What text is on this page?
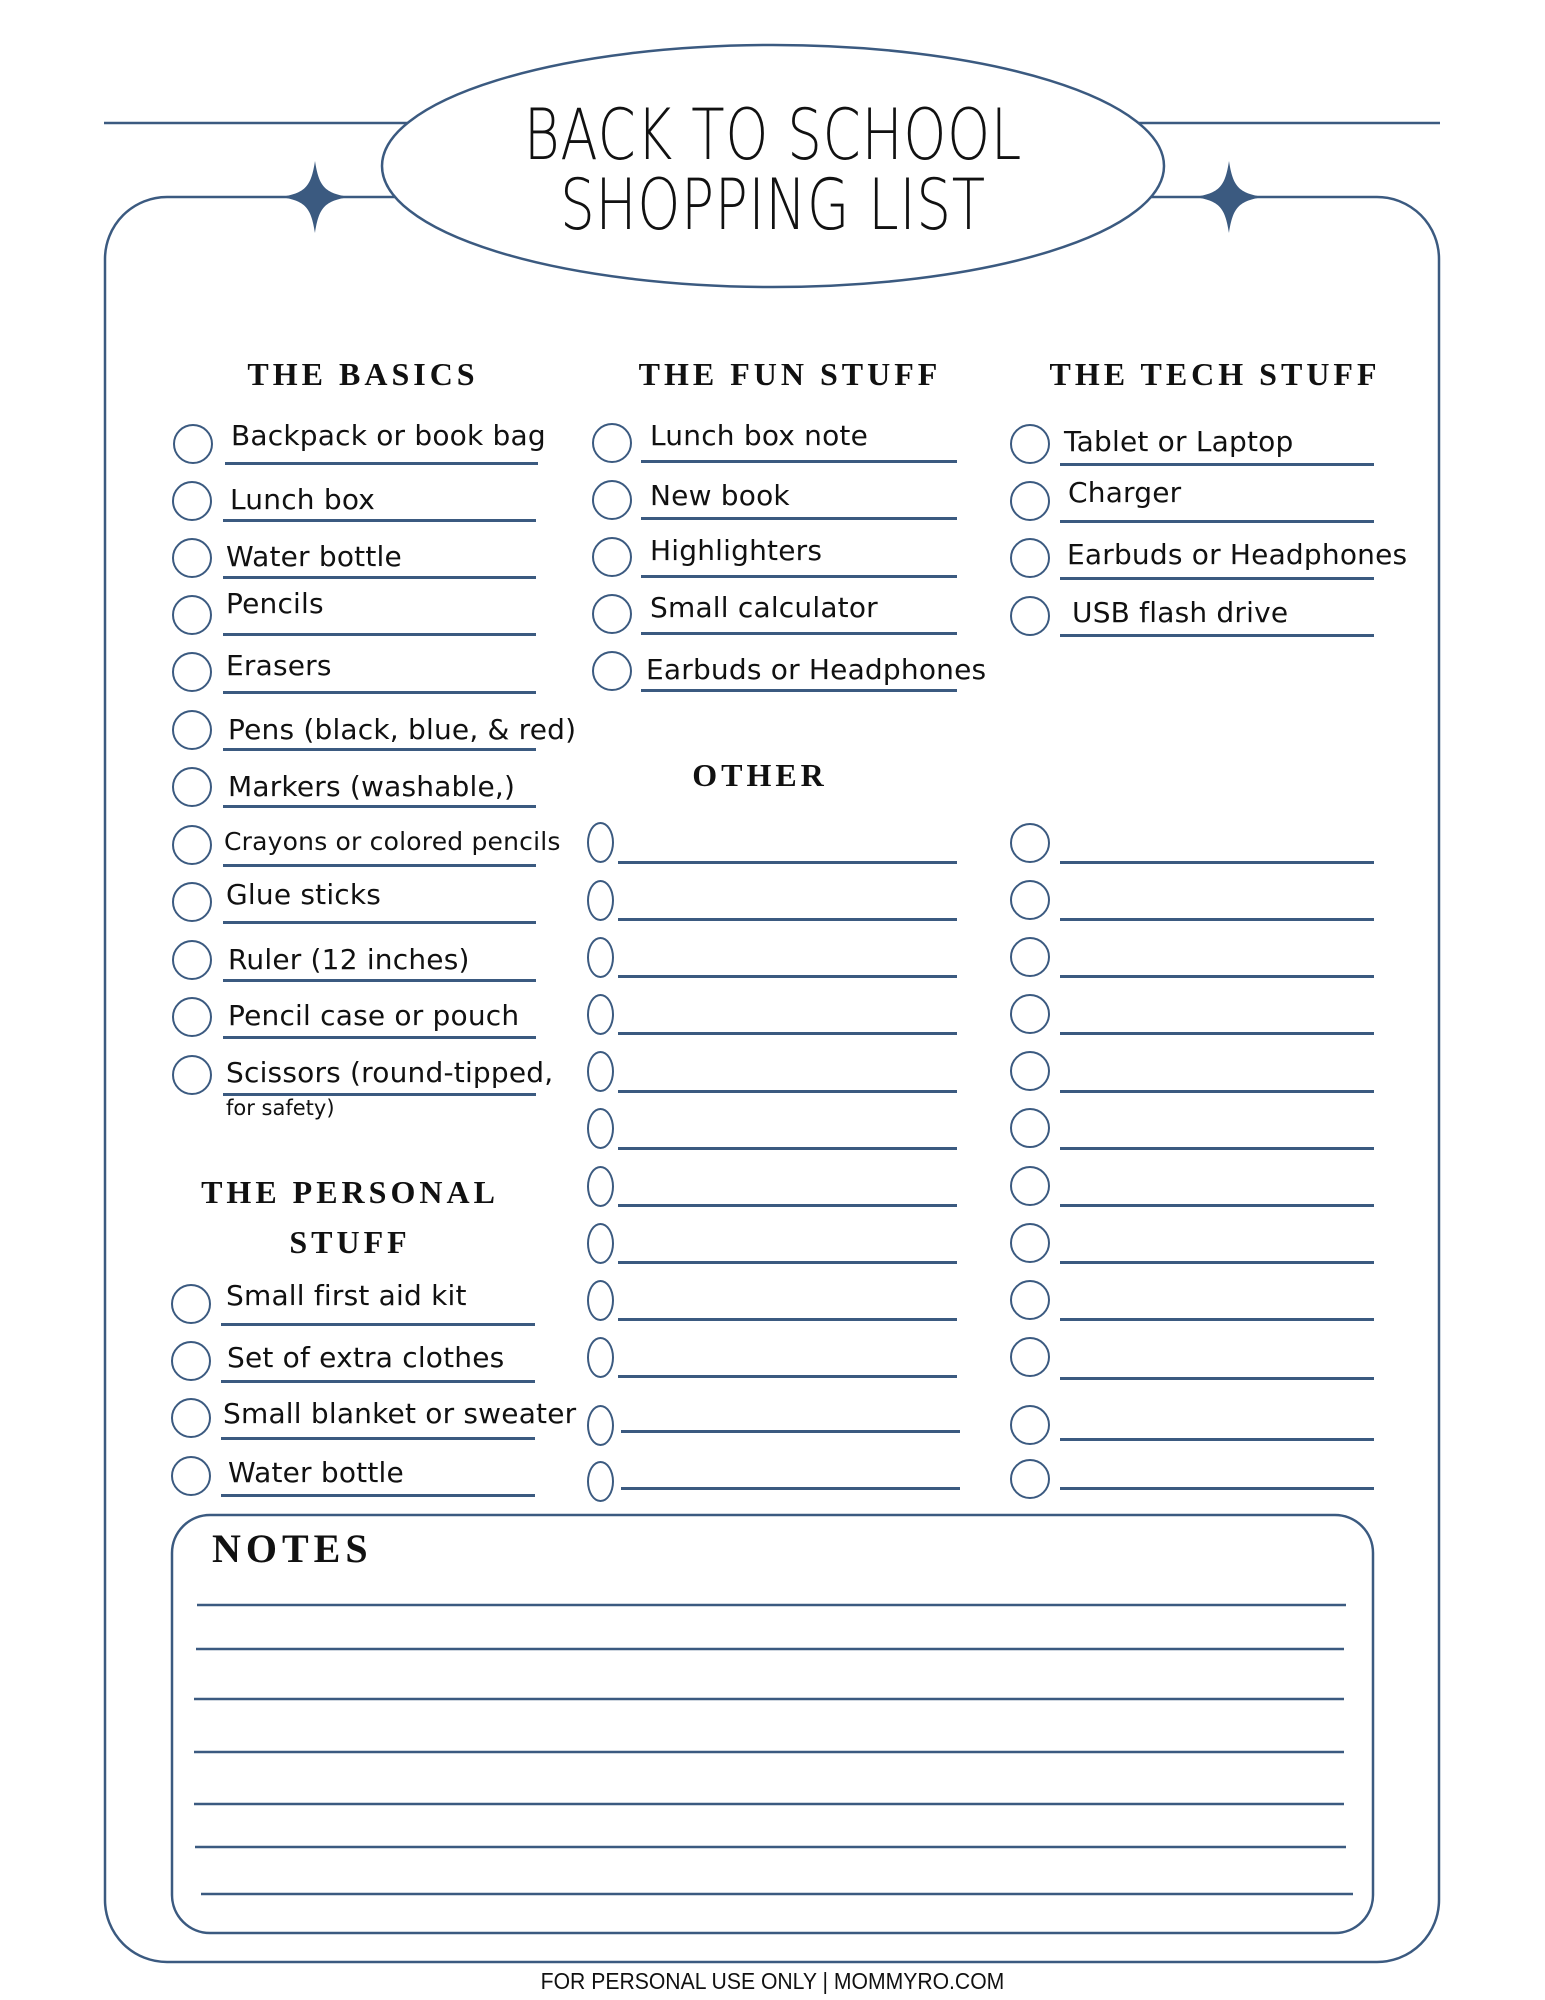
BACK TO SCHOOL
SHOPPING LIST
THE BASICS
Backpack or book bag
Lunch box
Water bottle
Pencils
Erasers
Pens (black, blue, & red)
Markers (washable,)
Crayons or colored pencils
Glue sticks
Ruler (12 inches)
Pencil case or pouch
Scissors (round-tipped,
for safety)
THE PERSONAL
STUFF
Small first aid kit
Set of extra clothes
Small blanket or sweater
Water bottle
THE FUN STUFF
Lunch box note
New book
Highlighters
Small calculator
Earbuds or Headphones
THE TECH STUFF
Tablet or Laptop
Charger
Earbuds or Headphones
USB flash drive
OTHER
NOTES
FOR PERSONAL USE ONLY | MOMMYRO.COM
